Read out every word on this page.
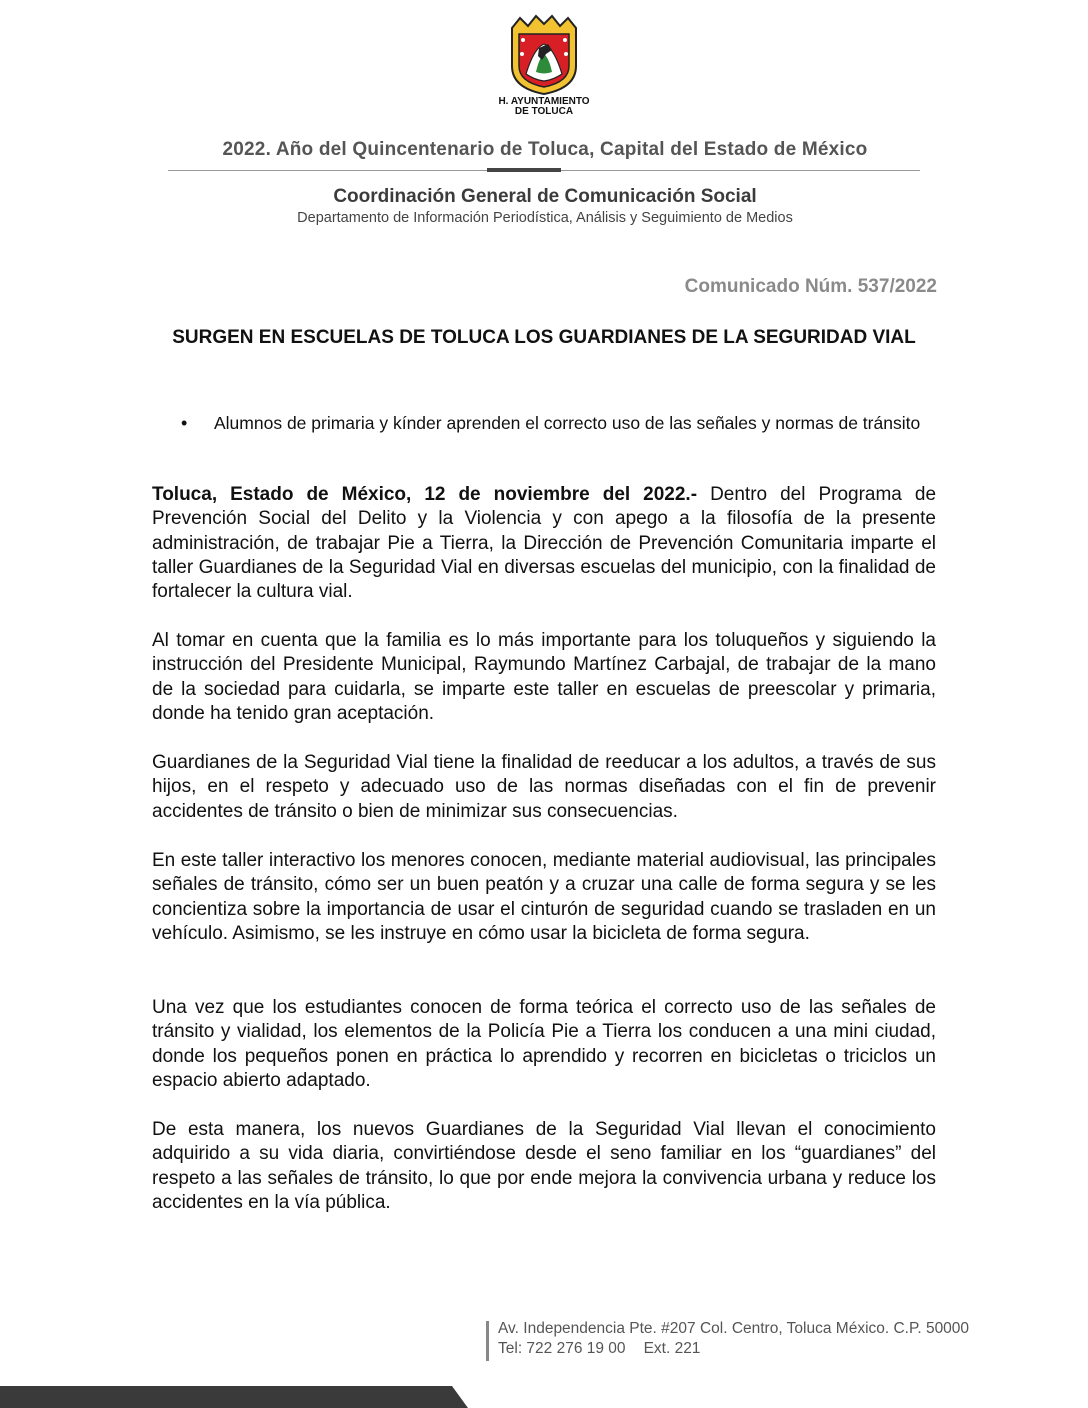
H. AYUNTAMIENTO
DE TOLUCA
2022. Año del Quincentenario de Toluca, Capital del Estado de México
Coordinación General de Comunicación Social
Departamento de Información Periodística, Análisis y Seguimiento de Medios
Comunicado Núm. 537/2022
SURGEN EN ESCUELAS DE TOLUCA LOS GUARDIANES DE LA SEGURIDAD VIAL
• Alumnos de primaria y kínder aprenden el correcto uso de las señales y normas de tránsito

Toluca, Estado de México, 12 de noviembre del 2022.- Dentro del Programa de Prevención Social del Delito y la Violencia y con apego a la filosofía de la presente administración, de trabajar Pie a Tierra, la Dirección de Prevención Comunitaria imparte el taller Guardianes de la Seguridad Vial en diversas escuelas del municipio, con la finalidad de fortalecer la cultura vial.

Al tomar en cuenta que la familia es lo más importante para los toluqueños y siguiendo la instrucción del Presidente Municipal, Raymundo Martínez Carbajal, de trabajar de la mano de la sociedad para cuidarla, se imparte este taller en escuelas de preescolar y primaria, donde ha tenido gran aceptación.

Guardianes de la Seguridad Vial tiene la finalidad de reeducar a los adultos, a través de sus hijos, en el respeto y adecuado uso de las normas diseñadas con el fin de prevenir accidentes de tránsito o bien de minimizar sus consecuencias.

En este taller interactivo los menores conocen, mediante material audiovisual, las principales señales de tránsito, cómo ser un buen peatón y a cruzar una calle de forma segura y se les concientiza sobre la importancia de usar el cinturón de seguridad cuando se trasladen en un vehículo. Asimismo, se les instruye en cómo usar la bicicleta de forma segura.

Una vez que los estudiantes conocen de forma teórica el correcto uso de las señales de tránsito y vialidad, los elementos de la Policía Pie a Tierra los conducen a una mini ciudad, donde los pequeños ponen en práctica lo aprendido y recorren en bicicletas o triciclos un espacio abierto adaptado.

De esta manera, los nuevos Guardianes de la Seguridad Vial llevan el conocimiento adquirido a su vida diaria, convirtiéndose desde el seno familiar en los “guardianes” del respeto a las señales de tránsito, lo que por ende mejora la convivencia urbana y reduce los accidentes en la vía pública.

Av. Independencia Pte. #207 Col. Centro, Toluca México. C.P. 50000
Tel: 722 276 19 00 Ext. 221
